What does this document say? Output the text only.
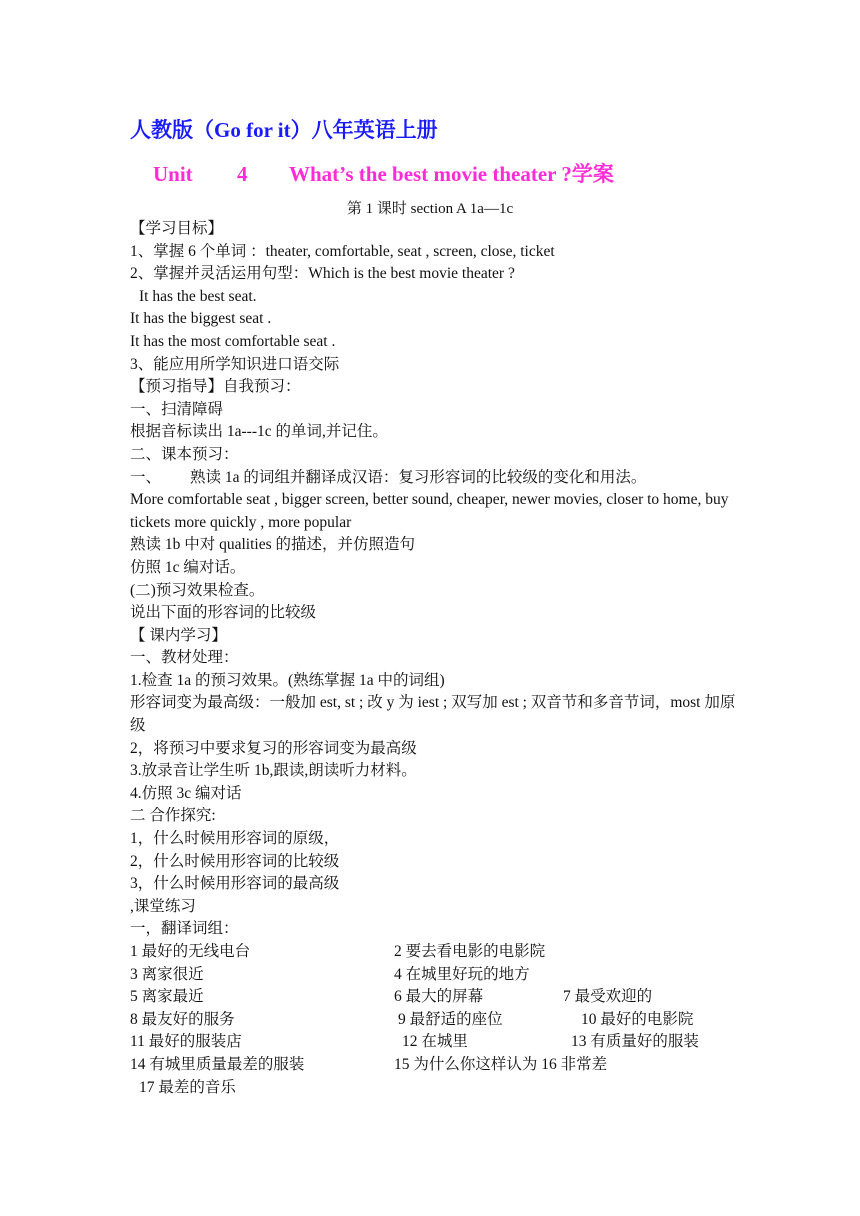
人教版（Go for it）八年英语上册
Unit 4 What’s the best movie theater ?学案
第 1 课时 section A 1a—1c
【学习目标】
1、掌握 6 个单词 ：theater, comfortable, seat , screen, close, ticket
2、掌握并灵活运用句型：Which is the best movie theater ?
It has the best seat.
It has the biggest seat .
It has the most comfortable seat .
3、能应用所学知识进口语交际
【预习指导】自我预习：
一、扫清障碍
根据音标读出 1a---1c 的单词,并记住。
二、课本预习：
一、 熟读 1a 的词组并翻译成汉语：复习形容词的比较级的变化和用法。
More comfortable seat , bigger screen, better sound, cheaper, newer movies, closer to home, buy tickets more quickly , more popular
熟读 1b 中对 qualities 的描述，并仿照造句
仿照 1c 编对话。
(二)预习效果检查。
说出下面的形容词的比较级
【 课内学习】
一、教材处理：
1.检查 1a 的预习效果。(熟练掌握 1a 中的词组)
形容词变为最高级：一般加 est, st ; 改 y 为 iest ; 双写加 est ; 双音节和多音节词，most 加原级
2，将预习中要求复习的形容词变为最高级
3.放录音让学生听 1b,跟读,朗读听力材料。
4.仿照 3c 编对话
二 合作探究:
1，什么时候用形容词的原级，
2，什么时候用形容词的比较级
3，什么时候用形容词的最高级
,课堂练习
一，翻译词组：
1 最好的无线电台	2 要去看电影的电影院
3 离家很近	4 在城里好玩的地方
5 离家最近	6 最大的屏幕	7 最受欢迎的
8 最友好的服务	9 最舒适的座位	10 最好的电影院
11 最好的服装店	12 在城里	13 有质量好的服装
14 有城里质量最差的服装	15 为什么你这样认为 16 非常差
17 最差的音乐
